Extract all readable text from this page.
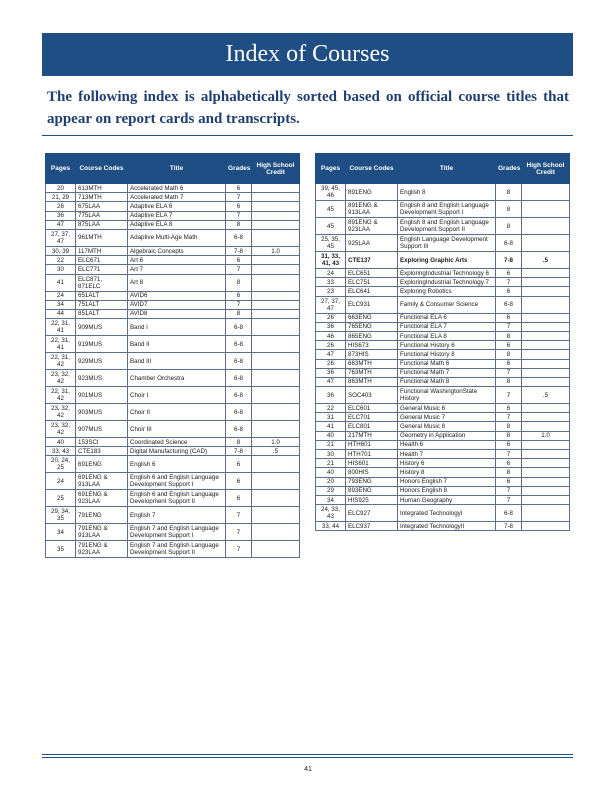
Index of Courses
The following index is alphabetically sorted based on official course titles that appear on report cards and transcripts.
Pages	Course Codes	Title	Grades	High School Credit
20	613MTH	Accelerated Math 6	6	
21, 29	713MTH	Accelerated Math 7	7	
26	675LAA	Adaptive ELA 6	6	
36	775LAA	Adaptive ELA 7	7	
47	875LAA	Adaptive ELA 8	8	
27, 37, 47	961MTH	Adaptive Multi-Age Math	6-8	
30, 39	117MTH	Algebraic Concepts	7-8	1.0
22	ELC671	Art 6	6	
30	ELC771	Art 7	7	
41	ELC871, 871ELC	Art 8	8	
24	651ALT	AVID6	6	
34	751ALT	AVID7	7	
44	851ALT	AVID8	8	
22, 31, 41	909MUS	Band I	6-8	
22, 31, 41	919MUS	Band II	6-8	
22, 31, 42	929MUS	Band III	6-8	
23, 32, 42	923MUS	Chamber Orchestra	6-8	
22, 31, 42	901MUS	Choir I	6-8	
23, 32, 42	903MUS	Choir II	6-8	
23, 32, 42	907MUS	Choir III	6-8	
40	153SCI	Coordinated Science	8	1.0
33, 43	CTE183	Digital Manufacturing (CAD)	7-8	.5
20, 24, 25	691ENG	English 6	6	
24	691ENG & 913LAA	English 6 and English Language Development Support I	6	
25	691ENG & 923LAA	English 6 and English Language Development Support II	6	
29, 34, 35	791ENG	English 7	7	
34	791ENG & 913LAA	English 7 and English Language Development Support I	7	
35	791ENG & 923LAA	English 7 and English Language Development Support II	7	
Pages	Course Codes	Title	Grades	High School Credit
39, 45, 46	891ENG	English 8	8	
45	891ENG & 913LAA	English 8 and English Language Development Support I	8	
45	891ENG & 923LAA	English 8 and English Language Development Support II	8	
25, 35, 45	925LAA	English Language Development Support III	6-8	
31, 33, 41, 43	CTE137	Exploring Graphic Arts	7-8	.5
24	ELC651	ExploringIndustrial Technology 6	6	
33	ELC751	ExploringIndustrial Technology 7	7	
23	ELC641	Exploring Robotics	6	
27, 37, 47	ELC931	Family & Consumer Science	6-8	
26	663ENG	Functional ELA 6	6	
36	765ENG	Functional ELA 7	7	
46	865ENG	Functional ELA 8	8	
26	HIS673	Functional History 6	6	
47	873HIS	Functional History 8	8	
26	663MTH	Functional Math 6	6	
36	763MTH	Functional Math 7	7	
47	863MTH	Functional Math 8	8	
36	SOC403	Functional WashingtonState History	7	.5
22	ELC601	General Music 6	6	
31	ELC701	General Music 7	7	
41	ELC801	General Music 8	8	
40	217MTH	Geometry in Application	8	1.0
21	HTH601	Health 6	6	
30	HTH701	Health 7	7	
21	HIS601	History 6	6	
40	800HIS	History 8	8	
20	793ENG	Honors English 7	6	
29	893ENG	Honors English 8	7	
34	HIS925	Human Geography	7	
24, 33, 43	ELC927	Integrated TechnologyI	6-8	
33, 44	ELC937	Integrated TechnologyII	7-8	
41
